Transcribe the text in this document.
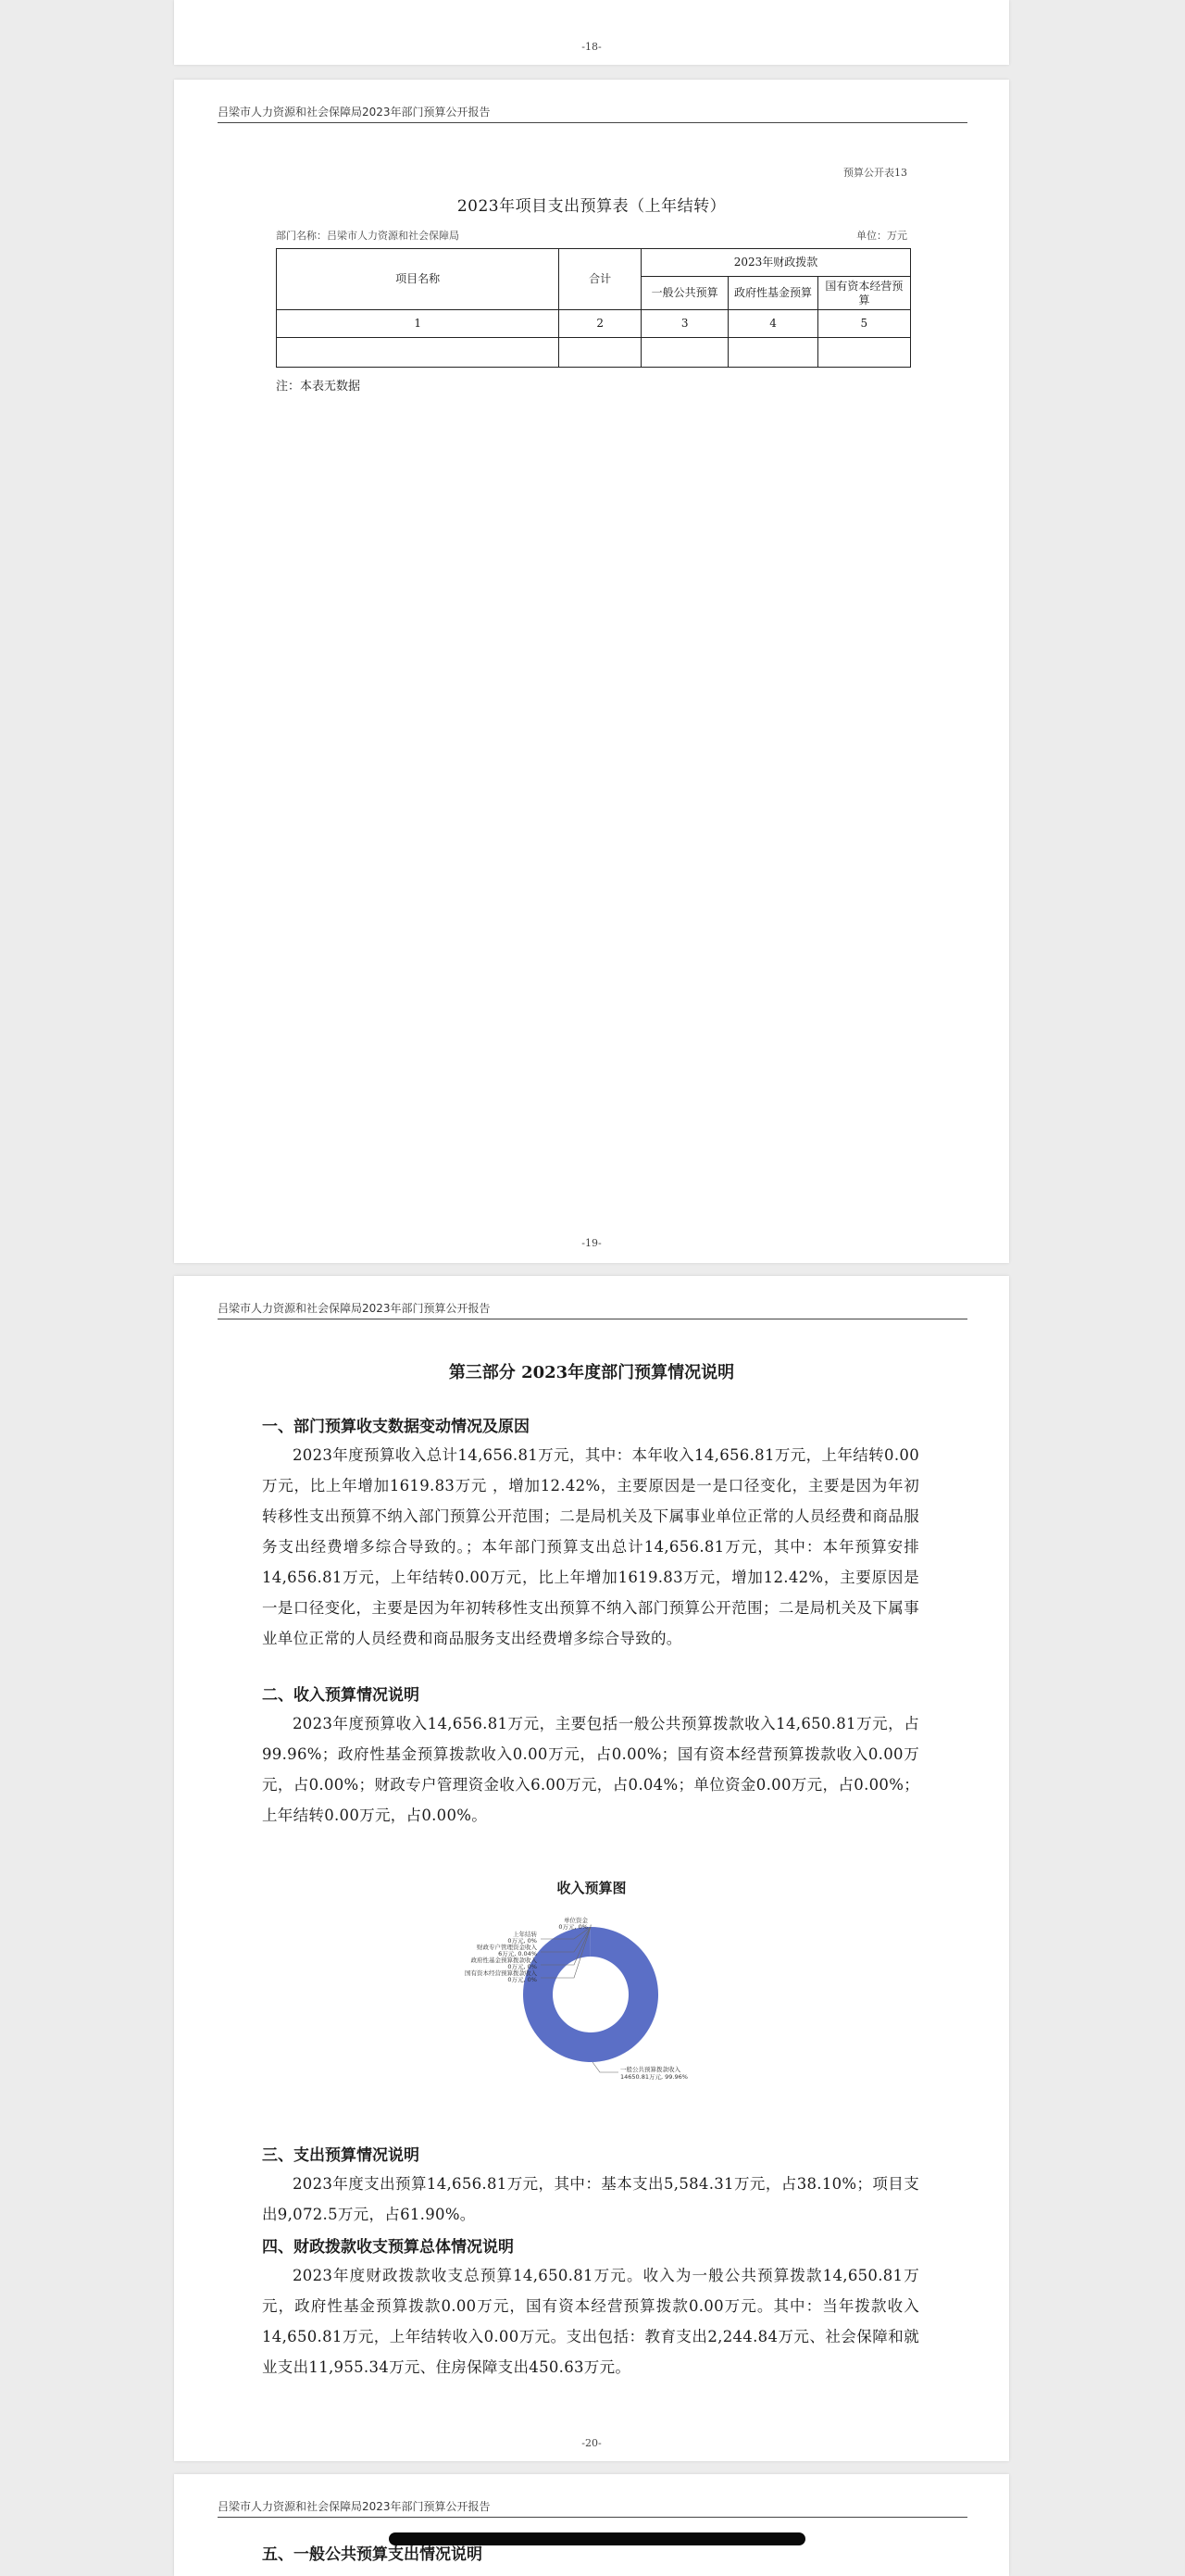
-18-
吕梁市人力资源和社会保障局2023年部门预算公开报告
预算公开表13
2023年项目支出预算表（上年结转）
部门名称：吕梁市人力资源和社会保障局	单位：万元
项目名称	合计	2023年财政拨款		
		一般公共预算	政府性基金预算	国有资本经营预算
1	2	3	4	5

注：本表无数据
-19-
吕梁市人力资源和社会保障局2023年部门预算公开报告
第三部分 2023年度部门预算情况说明
一、部门预算收支数据变动情况及原因

2023年度预算收入总计14,656.81万元，其中：本年收入14,656.81万元，上年结转0.00万元，比上年增加1619.83万元 ，增加12.42%，主要原因是一是口径变化，主要是因为年初转移性支出预算不纳入部门预算公开范围；二是局机关及下属事业单位正常的人员经费和商品服务支出经费增多综合导致的。；本年部门预算支出总计14,656.81万元，其中：本年预算安排14,656.81万元，上年结转0.00万元，比上年增加1619.83万元，增加12.42%，主要原因是一是口径变化，主要是因为年初转移性支出预算不纳入部门预算公开范围；二是局机关及下属事业单位正常的人员经费和商品服务支出经费增多综合导致的。

二、收入预算情况说明

2023年度预算收入14,656.81万元，主要包括一般公共预算拨款收入14,650.81万元，占99.96%；政府性基金预算拨款收入0.00万元，占0.00%；国有资本经营预算拨款收入0.00万元，占0.00%；财政专户管理资金收入6.00万元，占0.04%；单位资金0.00万元，占0.00%；上年结转0.00万元，占0.00%。

收入预算图
国有资本经营预算拨款收入
0万元, 0%
政府性基金预算拨款收入
0万元, 0%
财政专户管理资金收入
6万元, 0.04%
上年结转
0万元, 0%
单位资金
0万元, 0%
一般公共预算拨款收入
14650.81万元, 99.96%
三、支出预算情况说明

2023年度支出预算14,656.81万元，其中：基本支出5,584.31万元，占38.10%；项目支出9,072.5万元，占61.90%。

四、财政拨款收支预算总体情况说明

2023年度财政拨款收支总预算14,650.81万元。收入为一般公共预算拨款14,650.81万元，政府性基金预算拨款0.00万元，国有资本经营预算拨款0.00万元。其中：当年拨款收入14,650.81万元，上年结转收入0.00万元。支出包括：教育支出2,244.84万元、社会保障和就业支出11,955.34万元、住房保障支出450.63万元。

-20-
吕梁市人力资源和社会保障局2023年部门预算公开报告
五、一般公共预算支出情况说明
